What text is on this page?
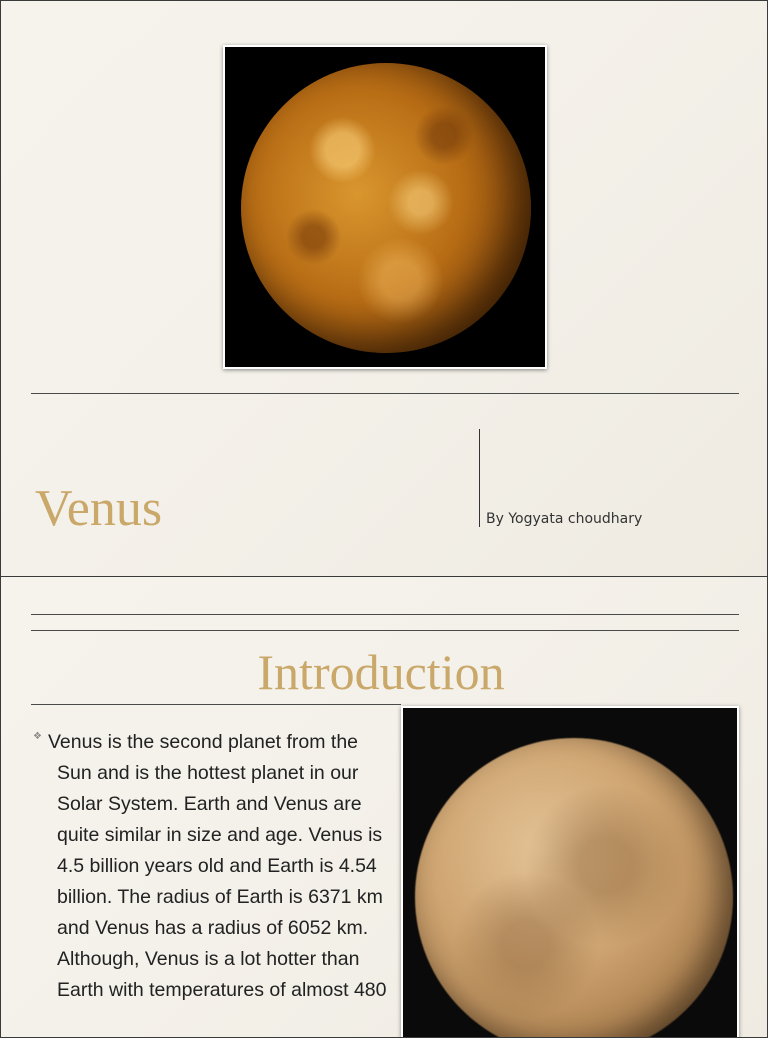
Venus	By Yogyata choudhary
Introduction
❖ Venus is the second planet from the Sun and is the hottest planet in our Solar System. Earth and Venus are quite similar in size and age. Venus is 4.5 billion years old and Earth is 4.54 billion. The radius of Earth is 6371 km and Venus has a radius of 6052 km. Although, Venus is a lot hotter than Earth with temperatures of almost 480
